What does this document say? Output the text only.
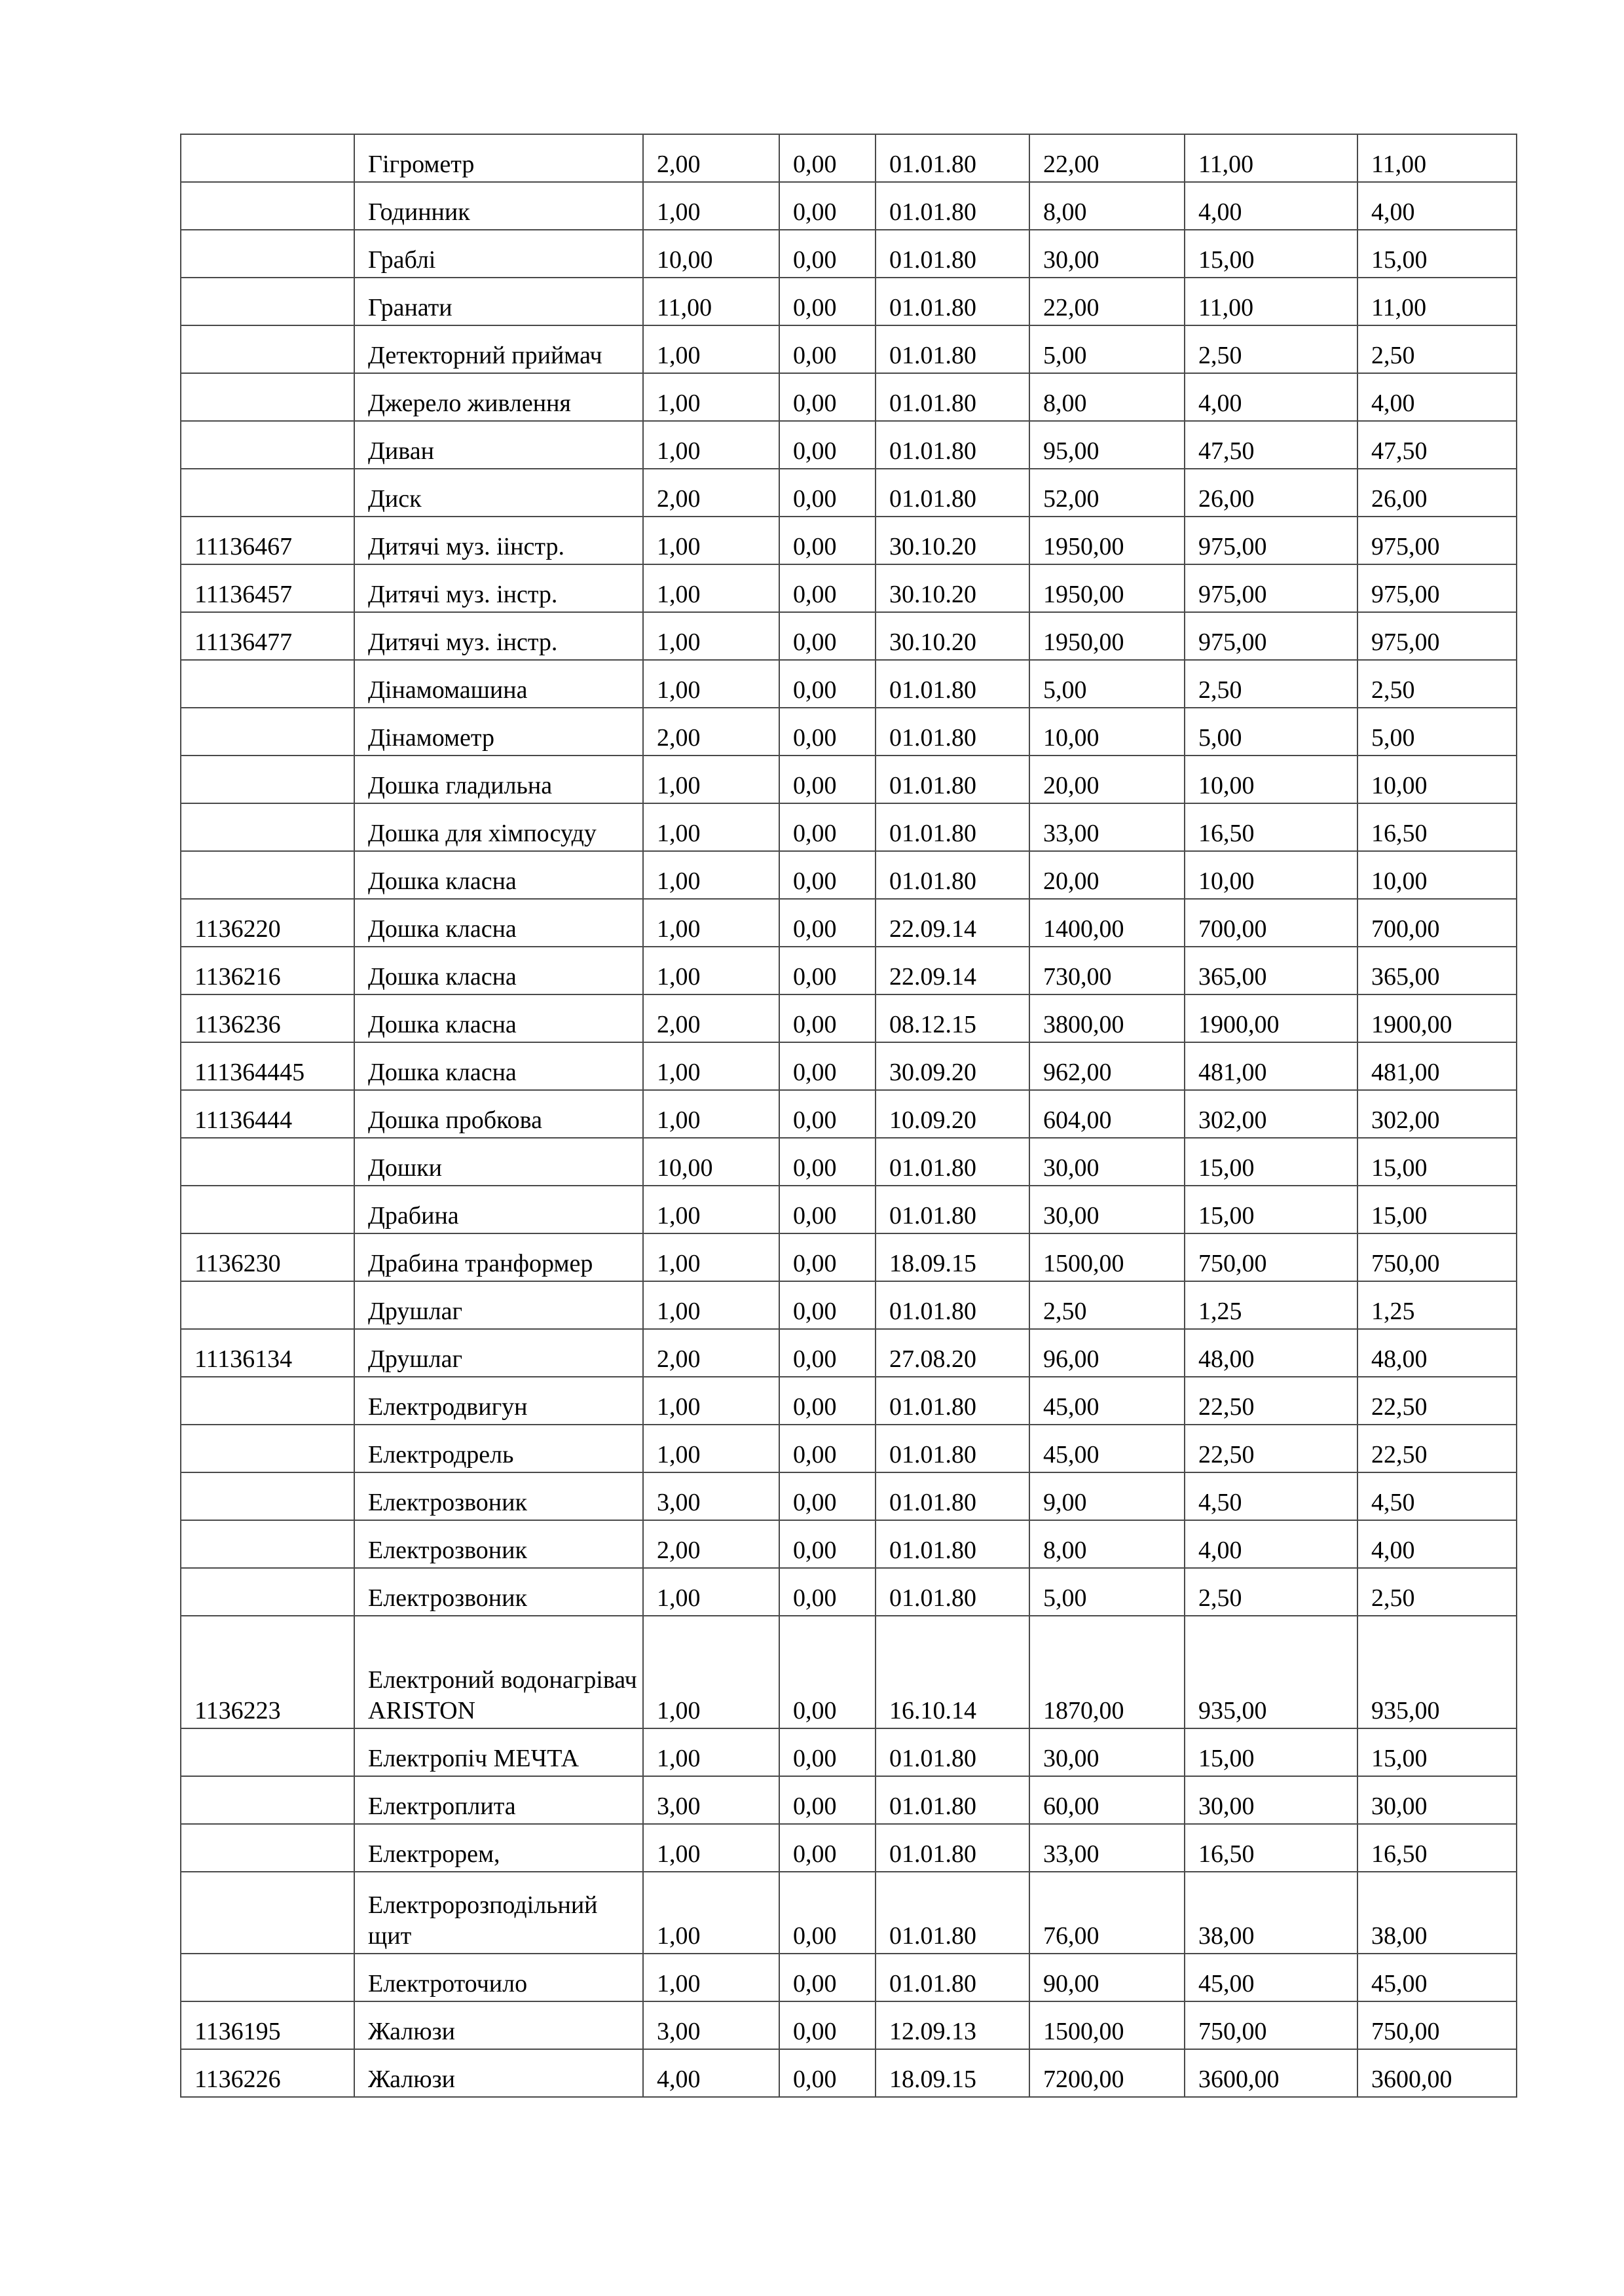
	Гігрометр	2,00	0,00	01.01.80	22,00	11,00	11,00
	Годинник	1,00	0,00	01.01.80	8,00	4,00	4,00
	Граблі	10,00	0,00	01.01.80	30,00	15,00	15,00
	Гранати	11,00	0,00	01.01.80	22,00	11,00	11,00
	Детекторний приймач	1,00	0,00	01.01.80	5,00	2,50	2,50
	Джерело живлення	1,00	0,00	01.01.80	8,00	4,00	4,00
	Диван	1,00	0,00	01.01.80	95,00	47,50	47,50
	Диск	2,00	0,00	01.01.80	52,00	26,00	26,00
11136467	Дитячі муз. іінстр.	1,00	0,00	30.10.20	1950,00	975,00	975,00
11136457	Дитячі муз. інстр.	1,00	0,00	30.10.20	1950,00	975,00	975,00
11136477	Дитячі муз. інстр.	1,00	0,00	30.10.20	1950,00	975,00	975,00
	Дінамомашина	1,00	0,00	01.01.80	5,00	2,50	2,50
	Дінамометр	2,00	0,00	01.01.80	10,00	5,00	5,00
	Дошка гладильна	1,00	0,00	01.01.80	20,00	10,00	10,00
	Дошка для хімпосуду	1,00	0,00	01.01.80	33,00	16,50	16,50
	Дошка класна	1,00	0,00	01.01.80	20,00	10,00	10,00
1136220	Дошка класна	1,00	0,00	22.09.14	1400,00	700,00	700,00
1136216	Дошка класна	1,00	0,00	22.09.14	730,00	365,00	365,00
1136236	Дошка класна	2,00	0,00	08.12.15	3800,00	1900,00	1900,00
111364445	Дошка класна	1,00	0,00	30.09.20	962,00	481,00	481,00
11136444	Дошка пробкова	1,00	0,00	10.09.20	604,00	302,00	302,00
	Дошки	10,00	0,00	01.01.80	30,00	15,00	15,00
	Драбина	1,00	0,00	01.01.80	30,00	15,00	15,00
1136230	Драбина транформер	1,00	0,00	18.09.15	1500,00	750,00	750,00
	Друшлаг	1,00	0,00	01.01.80	2,50	1,25	1,25
11136134	Друшлаг	2,00	0,00	27.08.20	96,00	48,00	48,00
	Електродвигун	1,00	0,00	01.01.80	45,00	22,50	22,50
	Електродрель	1,00	0,00	01.01.80	45,00	22,50	22,50
	Електрозвоник	3,00	0,00	01.01.80	9,00	4,50	4,50
	Електрозвоник	2,00	0,00	01.01.80	8,00	4,00	4,00
	Електрозвоник	1,00	0,00	01.01.80	5,00	2,50	2,50
1136223	Електроний водонагрівач ARISTON	1,00	0,00	16.10.14	1870,00	935,00	935,00
	Електропіч МЕЧТА	1,00	0,00	01.01.80	30,00	15,00	15,00
	Електроплита	3,00	0,00	01.01.80	60,00	30,00	30,00
	Електрорем,	1,00	0,00	01.01.80	33,00	16,50	16,50
	Електророзподільний щит	1,00	0,00	01.01.80	76,00	38,00	38,00
	Електроточило	1,00	0,00	01.01.80	90,00	45,00	45,00
1136195	Жалюзи	3,00	0,00	12.09.13	1500,00	750,00	750,00
1136226	Жалюзи	4,00	0,00	18.09.15	7200,00	3600,00	3600,00
